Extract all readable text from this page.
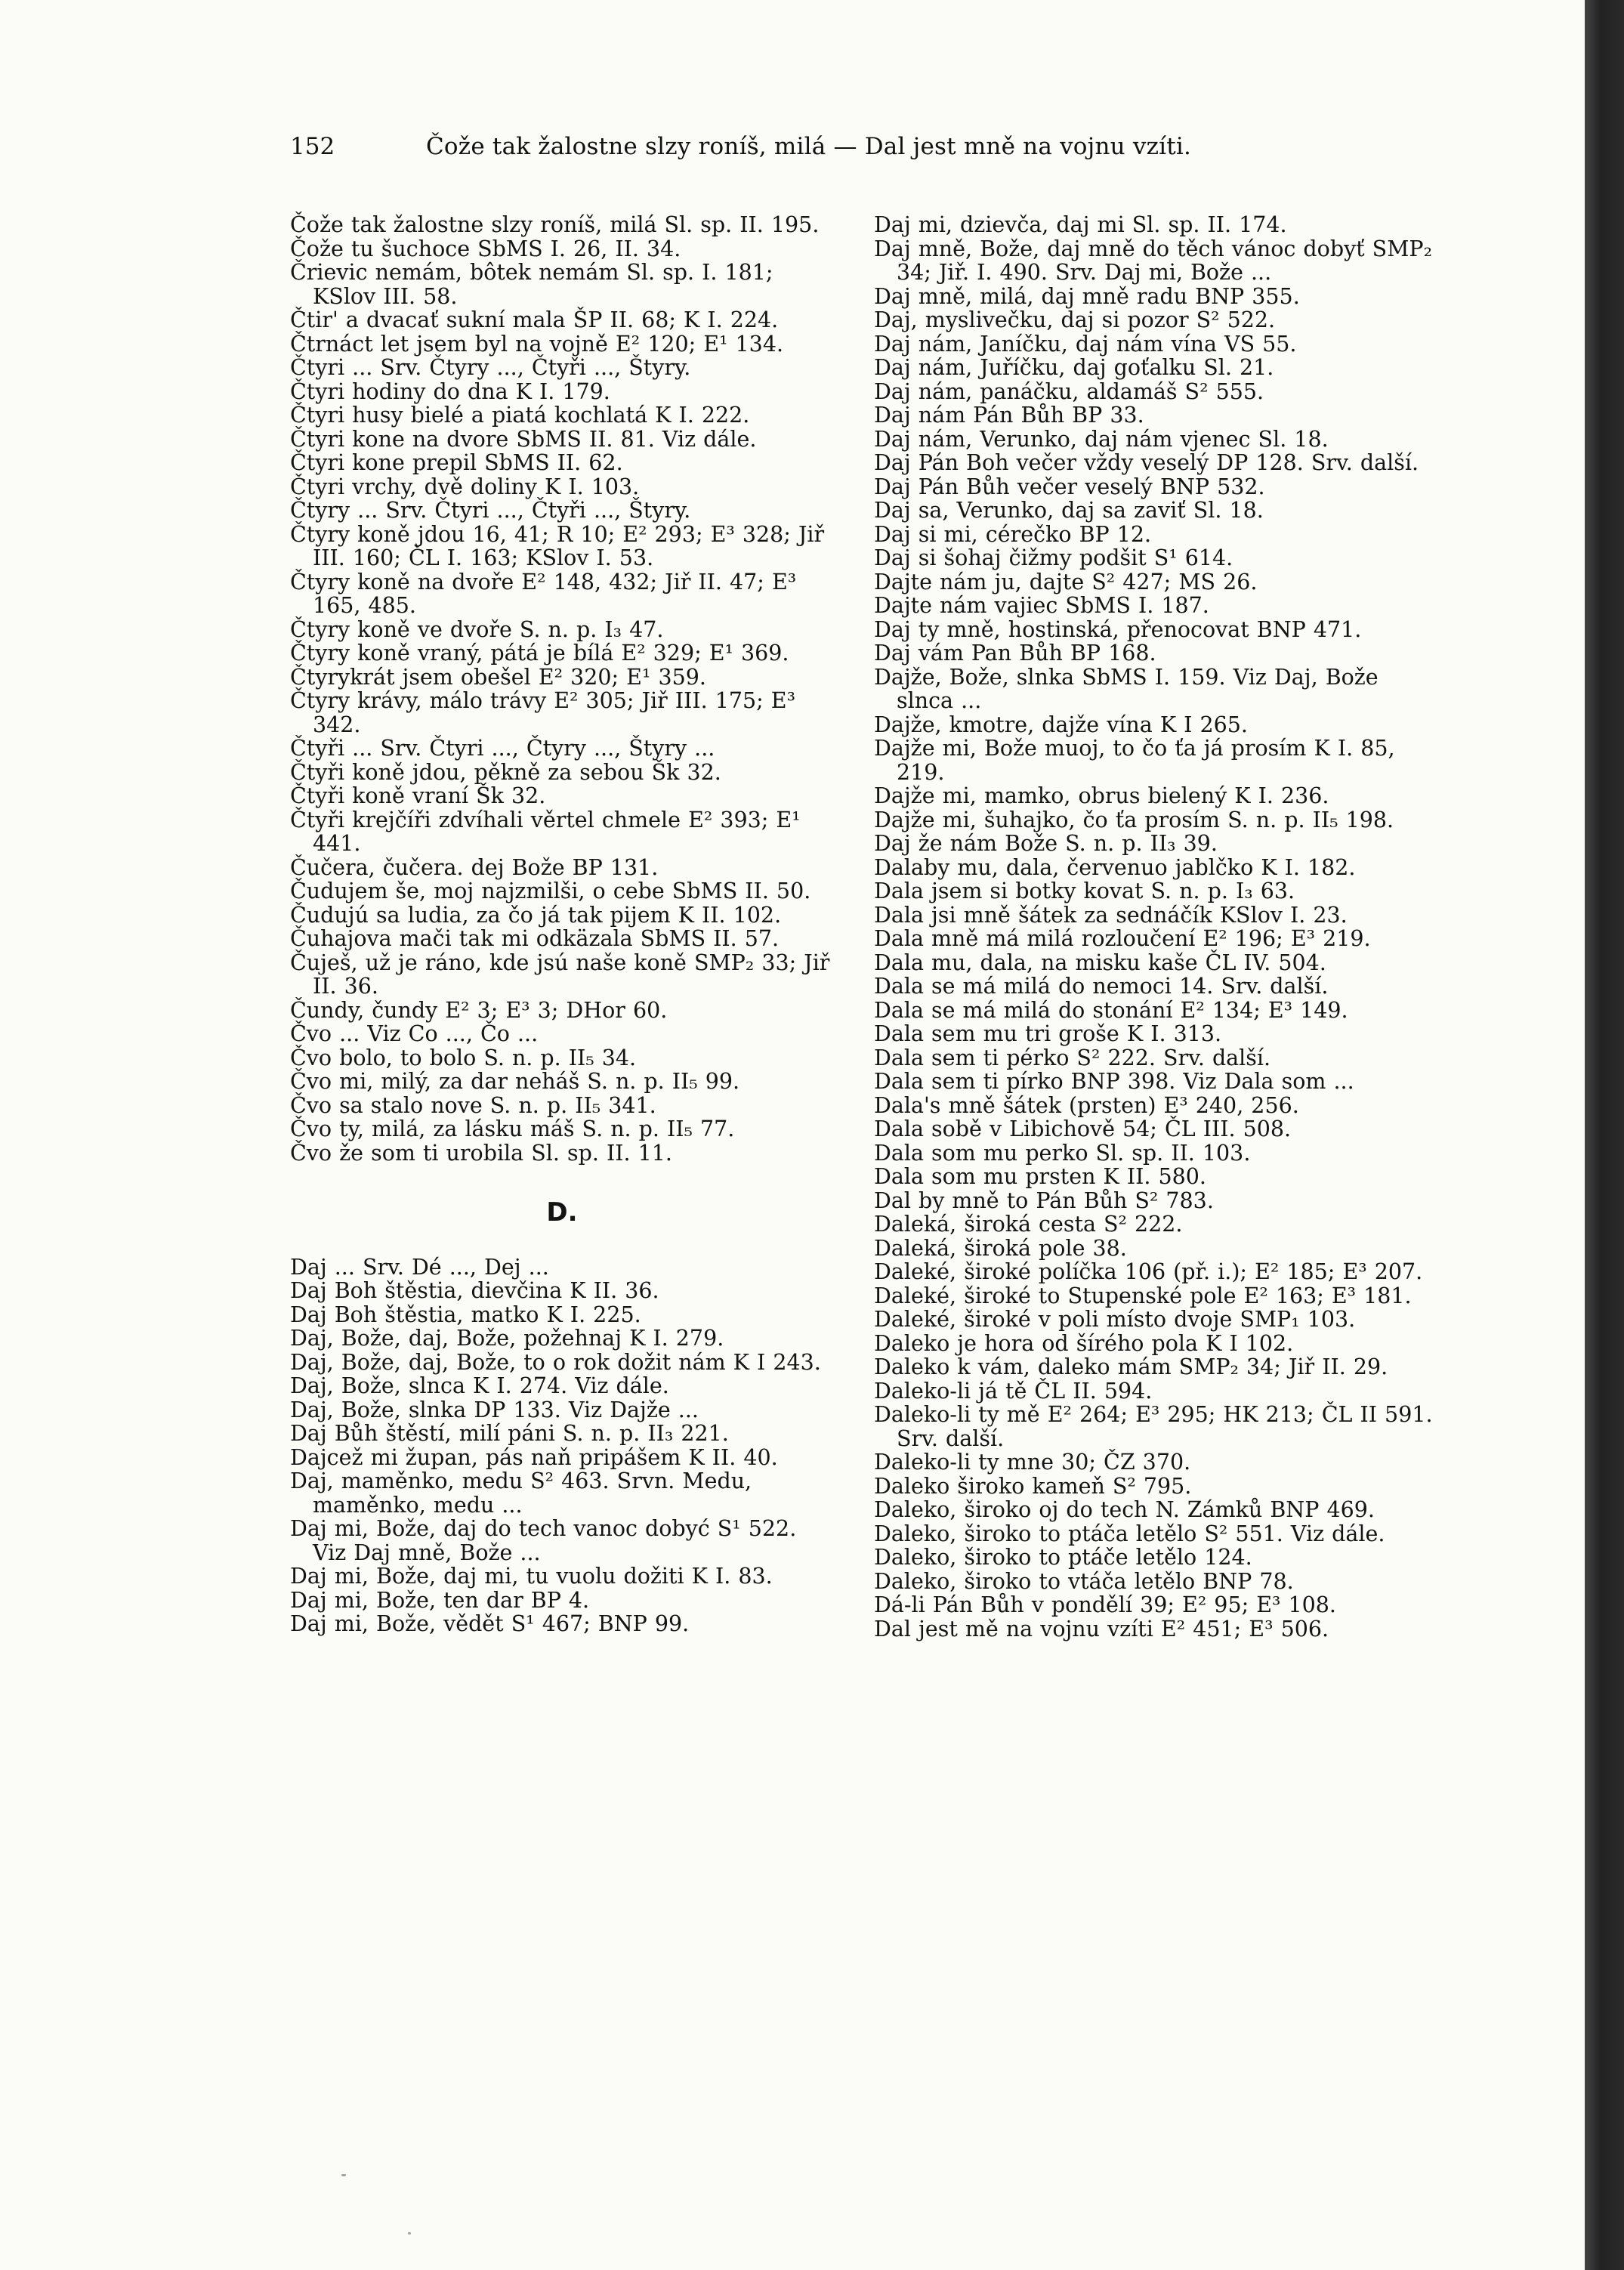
152	Čože tak žalostne slzy roníš, milá — Dal jest mně na vojnu vzíti.

Čože tak žalostne slzy roníš, milá Sl. sp. II. 195.

Čože tu šuchoce SbMS I. 26, II. 34.

Črievic nemám, bôtek nemám Sl. sp. I. 181; KSlov III. 58.

Čtir' a dvacať sukní mala ŠP II. 68; K I. 224.

Čtrnáct let jsem byl na vojně E² 120; E¹ 134.

Čtyri ... Srv. Čtyry ..., Čtyři ..., Štyry.

Čtyri hodiny do dna K I. 179.

Čtyri husy bielé a piatá kochlatá K I. 222.

Čtyri kone na dvore SbMS II. 81. Viz dále.

Čtyri kone prepil SbMS II. 62.

Čtyri vrchy, dvě doliny K I. 103.

Čtyry ... Srv. Čtyri ..., Čtyři ..., Štyry.

Čtyry koně jdou 16, 41; R 10; E² 293; E³ 328; Jiř III. 160; ČL I. 163; KSlov I. 53.

Čtyry koně na dvoře E² 148, 432; Jiř II. 47; E³ 165, 485.

Čtyry koně ve dvoře S. n. p. I₃ 47.

Čtyry koně vraný, pátá je bílá E² 329; E¹ 369.

Čtyrykrát jsem obešel E² 320; E¹ 359.

Čtyry krávy, málo trávy E² 305; Jiř III. 175; E³ 342.

Čtyři ... Srv. Čtyri ..., Čtyry ..., Štyry ...

Čtyři koně jdou, pěkně za sebou Šk 32.

Čtyři koně vraní Šk 32.

Čtyři krejčíři zdvíhali věrtel chmele E² 393; E¹ 441.

Čučera, čučera. dej Bože BP 131.

Čudujem še, moj najzmilši, o cebe SbMS II. 50.

Čudujú sa ludia, za čo já tak pijem K II. 102.

Čuhajova mači tak mi odkäzala SbMS II. 57.

Čuješ, už je ráno, kde jsú naše koně SMP₂ 33; Jiř II. 36.

Čundy, čundy E² 3; E³ 3; DHor 60.

Čvo ... Viz Co ..., Čo ...

Čvo bolo, to bolo S. n. p. II₅ 34.

Čvo mi, milý, za dar neháš S. n. p. II₅ 99.

Čvo sa stalo nove S. n. p. II₅ 341.

Čvo ty, milá, za lásku máš S. n. p. II₅ 77.

Čvo že som ti urobila Sl. sp. II. 11.

D.

Daj ... Srv. Dé ..., Dej ...

Daj Boh štěstia, dievčina K II. 36.

Daj Boh štěstia, matko K I. 225.

Daj, Bože, daj, Bože, požehnaj K I. 279.

Daj, Bože, daj, Bože, to o rok dožit nám K I 243.

Daj, Bože, slnca K I. 274. Viz dále.

Daj, Bože, slnka DP 133. Viz Dajže ...

Daj Bůh štěstí, milí páni S. n. p. II₃ 221.

Dajcež mi župan, pás naň pripášem K II. 40.

Daj, maměnko, medu S² 463. Srvn. Medu, maměnko, medu ...

Daj mi, Bože, daj do tech vanoc dobyć S¹ 522. Viz Daj mně, Bože ...

Daj mi, Bože, daj mi, tu vuolu dožiti K I. 83.

Daj mi, Bože, ten dar BP 4.

Daj mi, Bože, vědět S¹ 467; BNP 99.

Daj mi, dzievča, daj mi Sl. sp. II. 174.

Daj mně, Bože, daj mně do těch vánoc dobyť SMP₂ 34; Jiř. I. 490. Srv. Daj mi, Bože ...

Daj mně, milá, daj mně radu BNP 355.

Daj, myslivečku, daj si pozor S² 522.

Daj nám, Janíčku, daj nám vína VS 55.

Daj nám, Juříčku, daj goťalku Sl. 21.

Daj nám, panáčku, aldamáš S² 555.

Daj nám Pán Bůh BP 33.

Daj nám, Verunko, daj nám vjenec Sl. 18.

Daj Pán Boh večer vždy veselý DP 128. Srv. další.

Daj Pán Bůh večer veselý BNP 532.

Daj sa, Verunko, daj sa zaviť Sl. 18.

Daj si mi, cérečko BP 12.

Daj si šohaj čižmy podšit S¹ 614.

Dajte nám ju, dajte S² 427; MS 26.

Dajte nám vajiec SbMS I. 187.

Daj ty mně, hostinská, přenocovat BNP 471.

Daj vám Pan Bůh BP 168.

Dajže, Bože, slnka SbMS I. 159. Viz Daj, Bože slnca ...

Dajže, kmotre, dajže vína K I 265.

Dajže mi, Bože muoj, to čo ťa já prosím K I. 85, 219.

Dajže mi, mamko, obrus bielený K I. 236.

Dajže mi, šuhajko, čo ťa prosím S. n. p. II₅ 198.

Daj že nám Bože S. n. p. II₃ 39.

Dalaby mu, dala, červenuo jablčko K I. 182.

Dala jsem si botky kovat S. n. p. I₃ 63.

Dala jsi mně šátek za sednáčík KSlov I. 23.

Dala mně má milá rozloučení E² 196; E³ 219.

Dala mu, dala, na misku kaše ČL IV. 504.

Dala se má milá do nemoci 14. Srv. další.

Dala se má milá do stonání E² 134; E³ 149.

Dala sem mu tri groše K I. 313.

Dala sem ti pérko S² 222. Srv. další.

Dala sem ti pírko BNP 398. Viz Dala som ...

Dala's mně šátek (prsten) E³ 240, 256.

Dala sobě v Libichově 54; ČL III. 508.

Dala som mu perko Sl. sp. II. 103.

Dala som mu prsten K II. 580.

Dal by mně to Pán Bůh S² 783.

Daleká, široká cesta S² 222.

Daleká, široká pole 38.

Daleké, široké políčka 106 (př. i.); E² 185; E³ 207.

Daleké, široké to Stupenské pole E² 163; E³ 181.

Daleké, široké v poli místo dvoje SMP₁ 103.

Daleko je hora od šírého pola K I 102.

Daleko k vám, daleko mám SMP₂ 34; Jiř II. 29.

Daleko-li já tě ČL II. 594.

Daleko-li ty mě E² 264; E³ 295; HK 213; ČL II 591. Srv. další.

Daleko-li ty mne 30; ČZ 370.

Daleko široko kameň S² 795.

Daleko, široko oj do tech N. Zámků BNP 469.

Daleko, široko to ptáča letělo S² 551. Viz dále.

Daleko, široko to ptáče letělo 124.

Daleko, široko to vtáča letělo BNP 78.

Dá-li Pán Bůh v pondělí 39; E² 95; E³ 108.

Dal jest mě na vojnu vzíti E² 451; E³ 506.
